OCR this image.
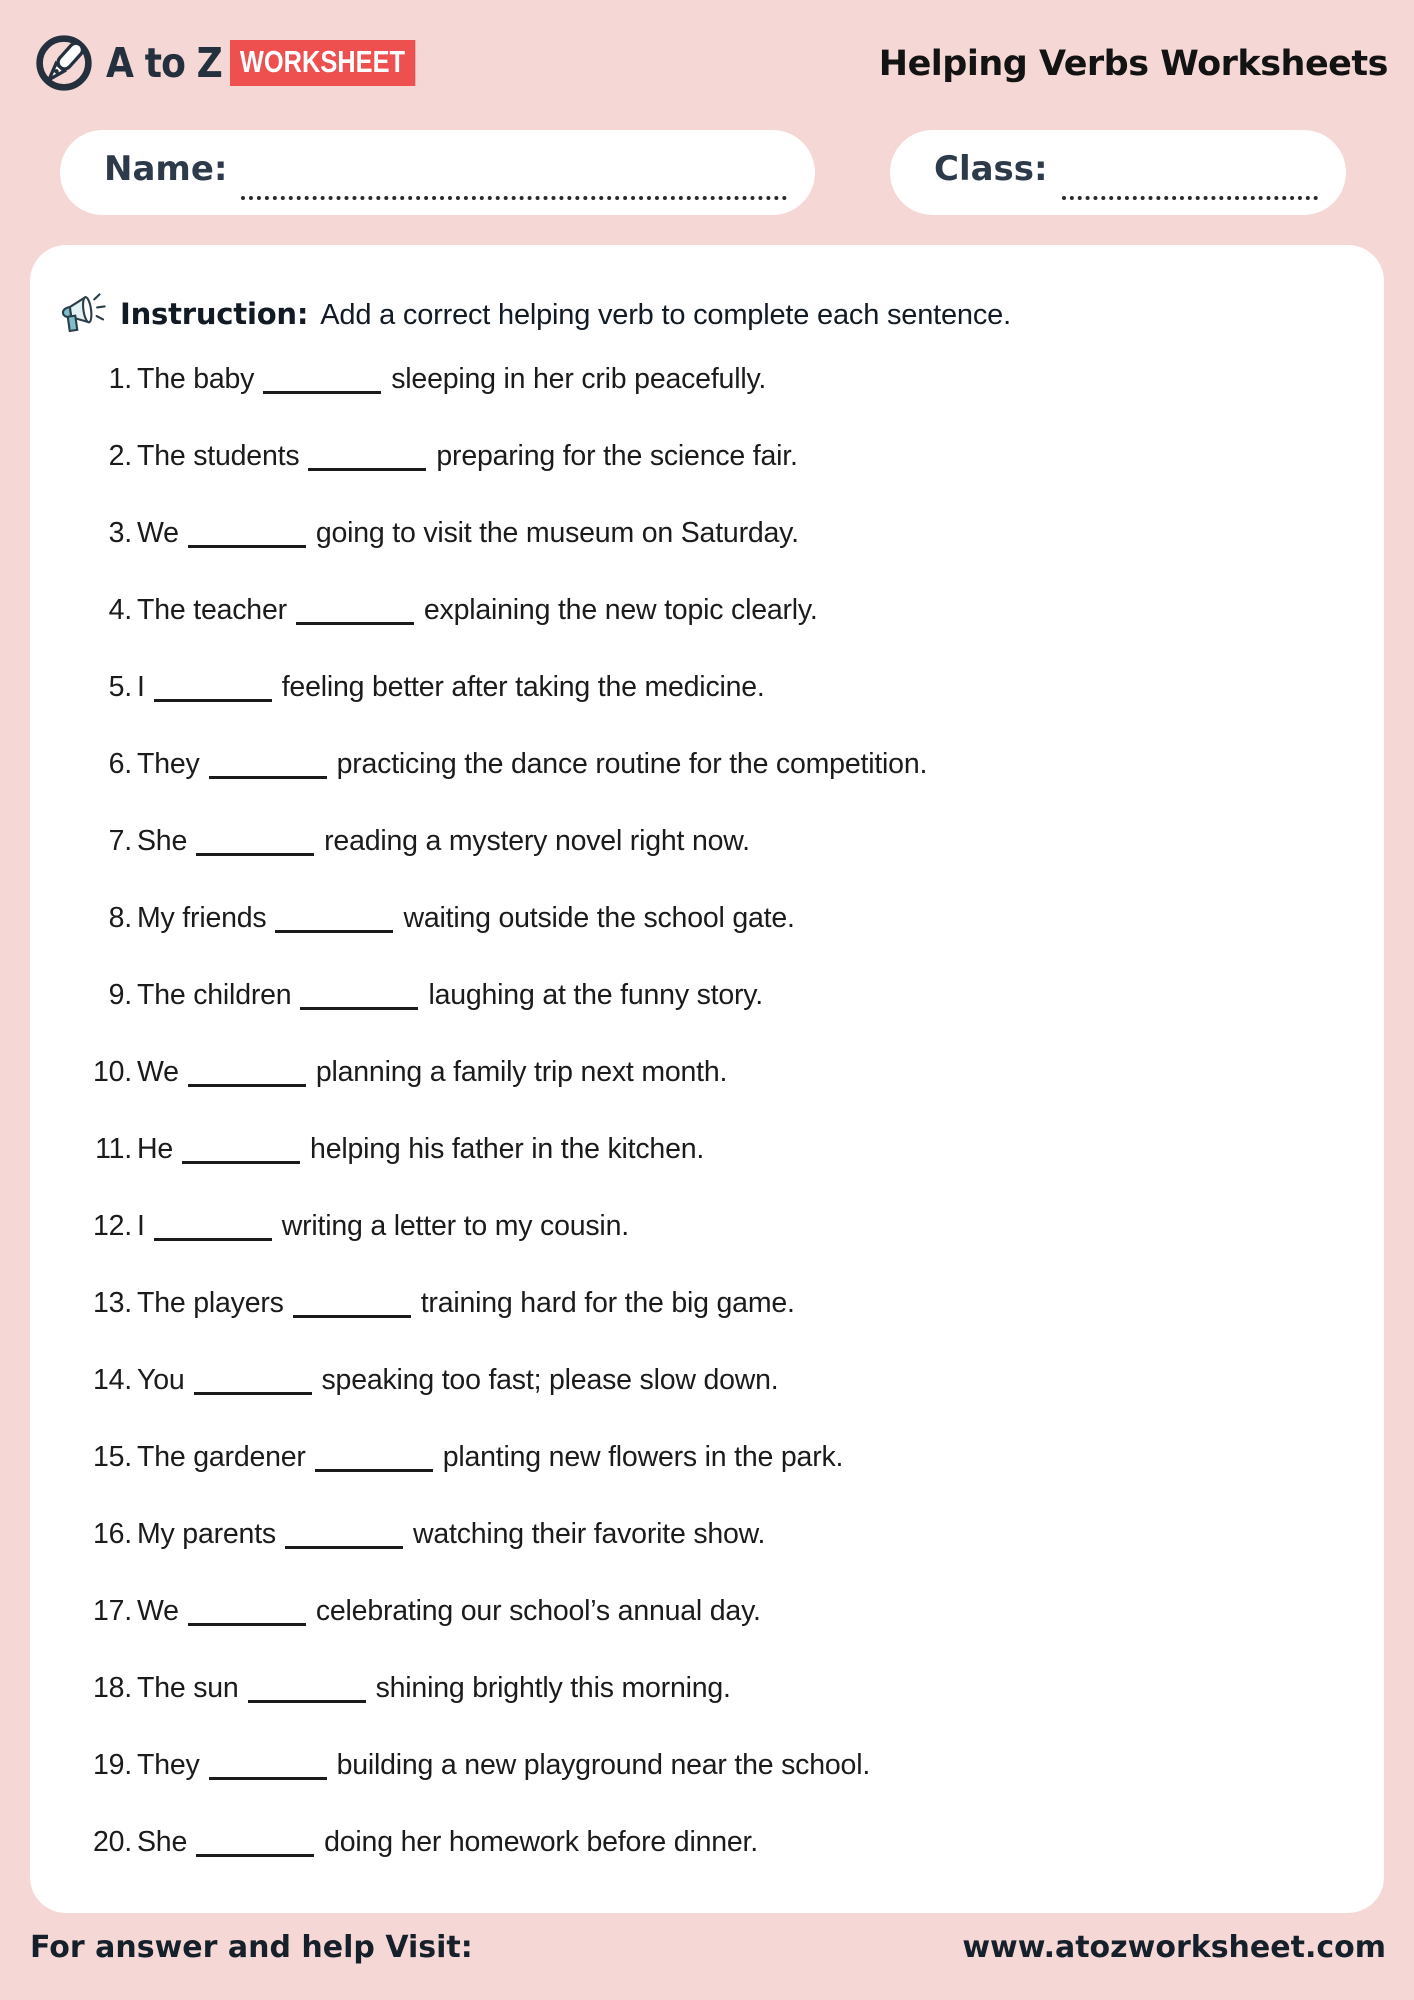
A to Z WORKSHEET	Helping Verbs Worksheets
Name:	Class:
Instruction: Add a correct helping verb to complete each sentence.
1. The baby	sleeping in her crib peacefully.
2. The students	preparing for the science fair.
3. We	going to visit the museum on Saturday.
4. The teacher	explaining the new topic clearly.
5. I	feeling better after taking the medicine.
6. They	practicing the dance routine for the competition.
7. She	reading a mystery novel right now.
8. My friends	waiting outside the school gate.
9. The children	laughing at the funny story.
10. We	planning a family trip next month.
11. He	helping his father in the kitchen.
12. I	writing a letter to my cousin.
13. The players	training hard for the big game.
14. You	speaking too fast; please slow down.
15. The gardener	planting new flowers in the park.
16. My parents	watching their favorite show.
17. We	celebrating our school’s annual day.
18. The sun	shining brightly this morning.
19. They	building a new playground near the school.
20. She	doing her homework before dinner.
For answer and help Visit:	www.atozworksheet.com
